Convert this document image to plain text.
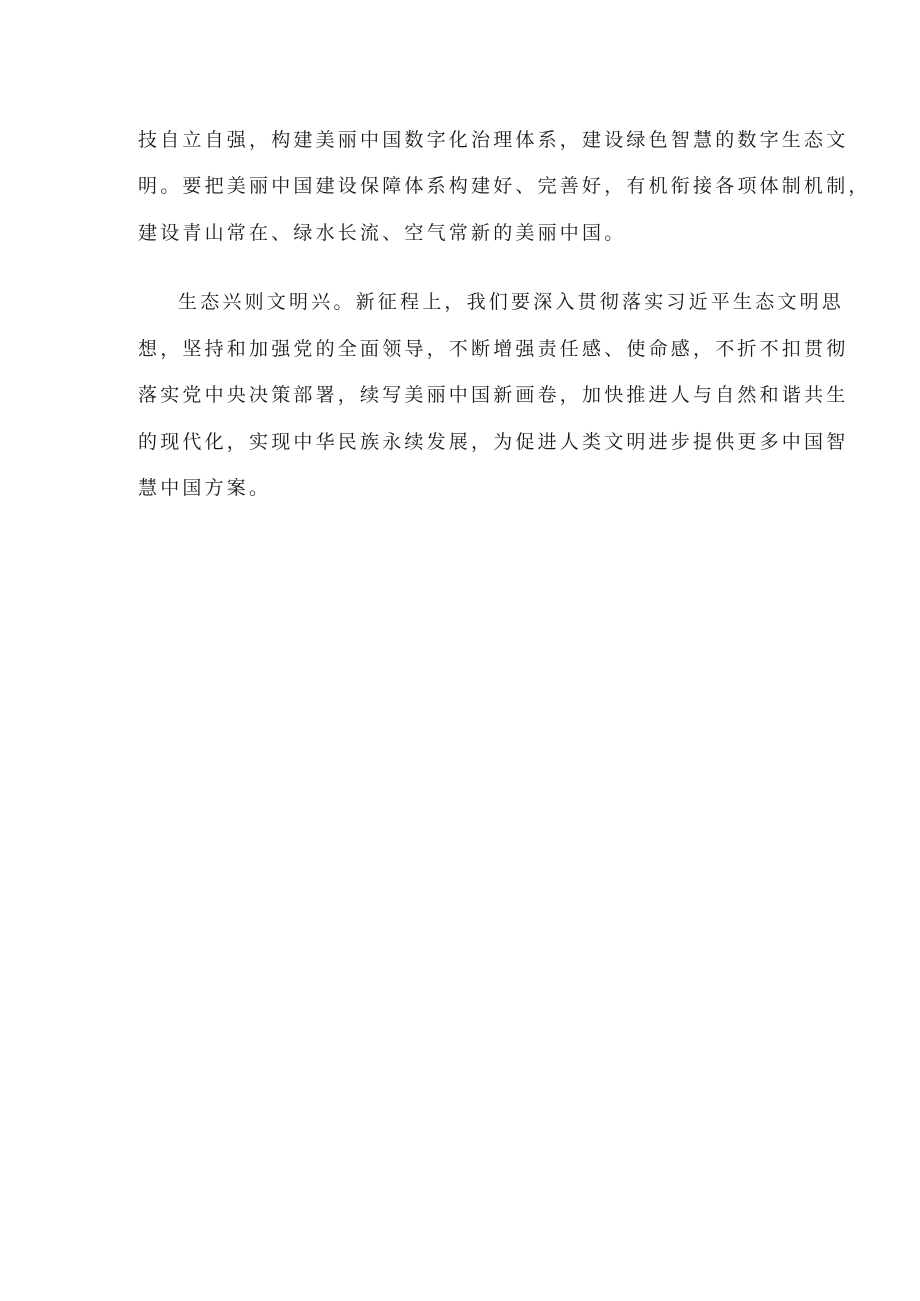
技自立自强，构建美丽中国数字化治理体系，建设绿色智慧的数字生态文
明。要把美丽中国建设保障体系构建好、完善好，有机衔接各项体制机制，
建设青山常在、绿水长流、空气常新的美丽中国。
生态兴则文明兴。新征程上，我们要深入贯彻落实习近平生态文明思
想，坚持和加强党的全面领导，不断增强责任感、使命感，不折不扣贯彻
落实党中央决策部署，续写美丽中国新画卷，加快推进人与自然和谐共生
的现代化，实现中华民族永续发展，为促进人类文明进步提供更多中国智
慧中国方案。
